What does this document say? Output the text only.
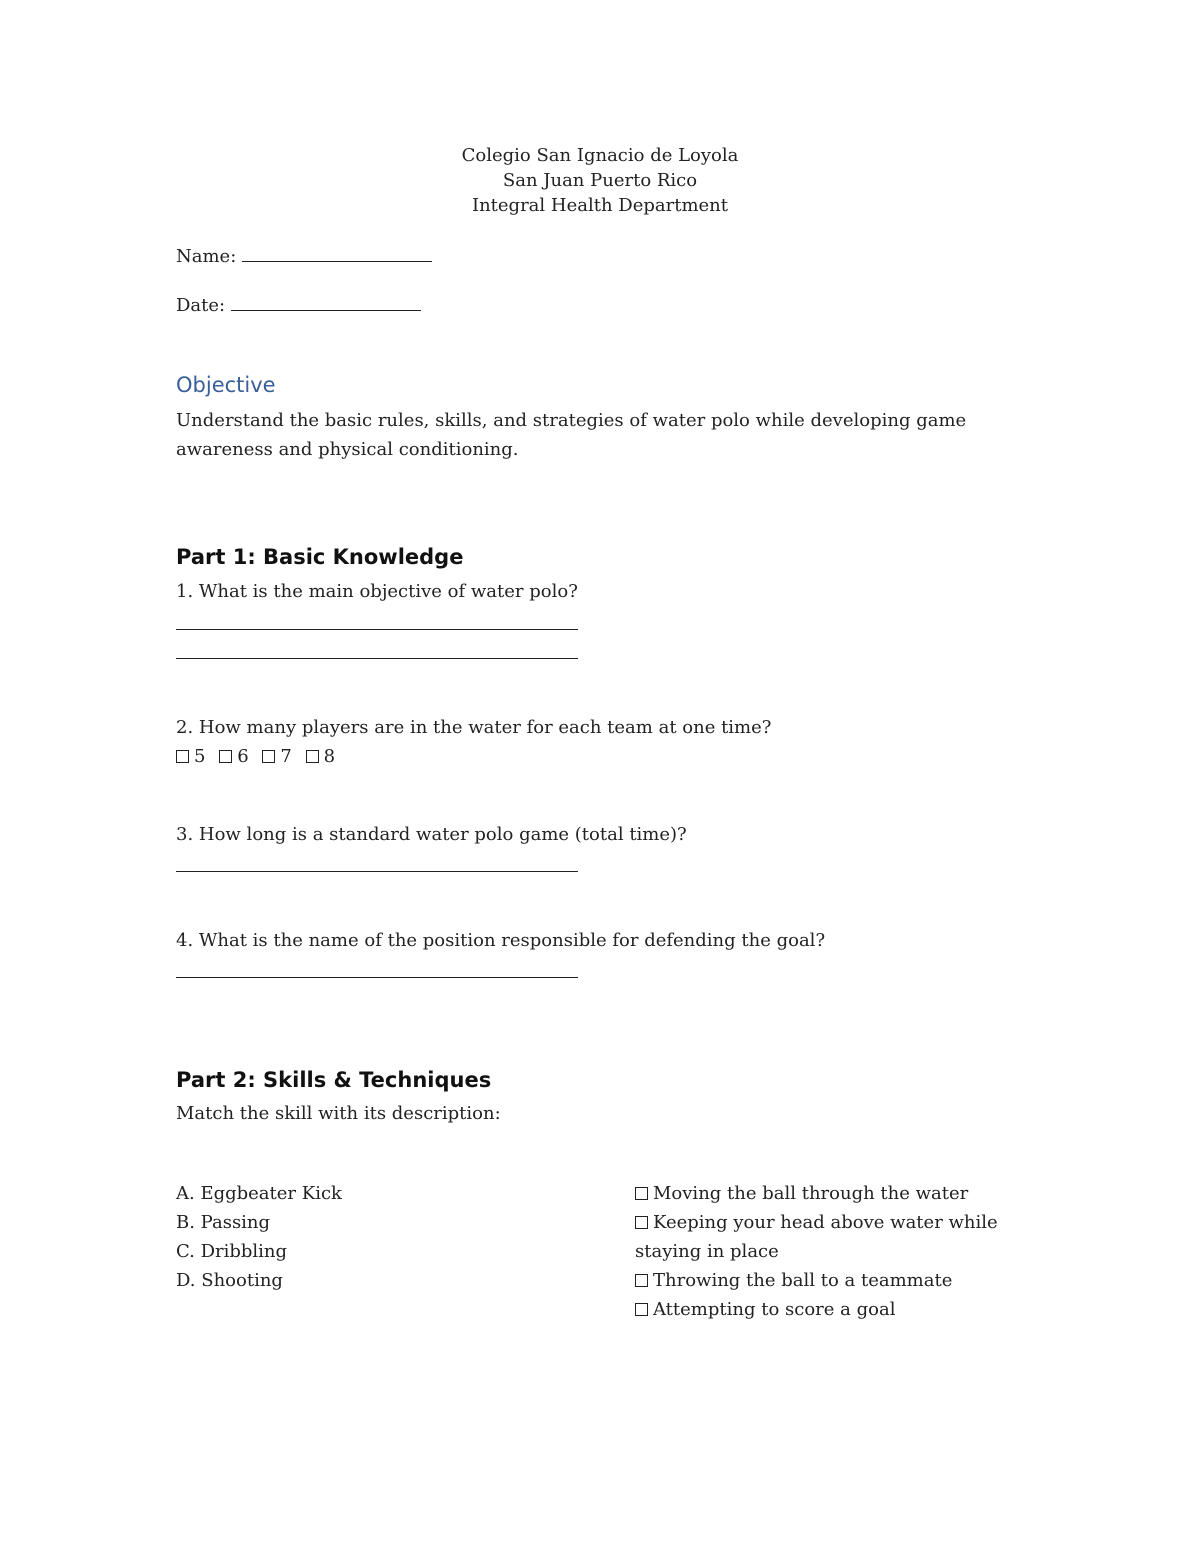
Colegio San Ignacio de Loyola
San Juan Puerto Rico
Integral Health Department
Name:
Date:
Objective
Understand the basic rules, skills, and strategies of water polo while developing game awareness and physical conditioning.
Part 1: Basic Knowledge
1. What is the main objective of water polo?
2. How many players are in the water for each team at one time?
5 6 7 8
3. How long is a standard water polo game (total time)?
4. What is the name of the position responsible for defending the goal?
Part 2: Skills & Techniques
Match the skill with its description:
A. Eggbeater Kick
B. Passing
C. Dribbling
D. Shooting
Moving the ball through the water
Keeping your head above water while staying in place
Throwing the ball to a teammate
Attempting to score a goal
